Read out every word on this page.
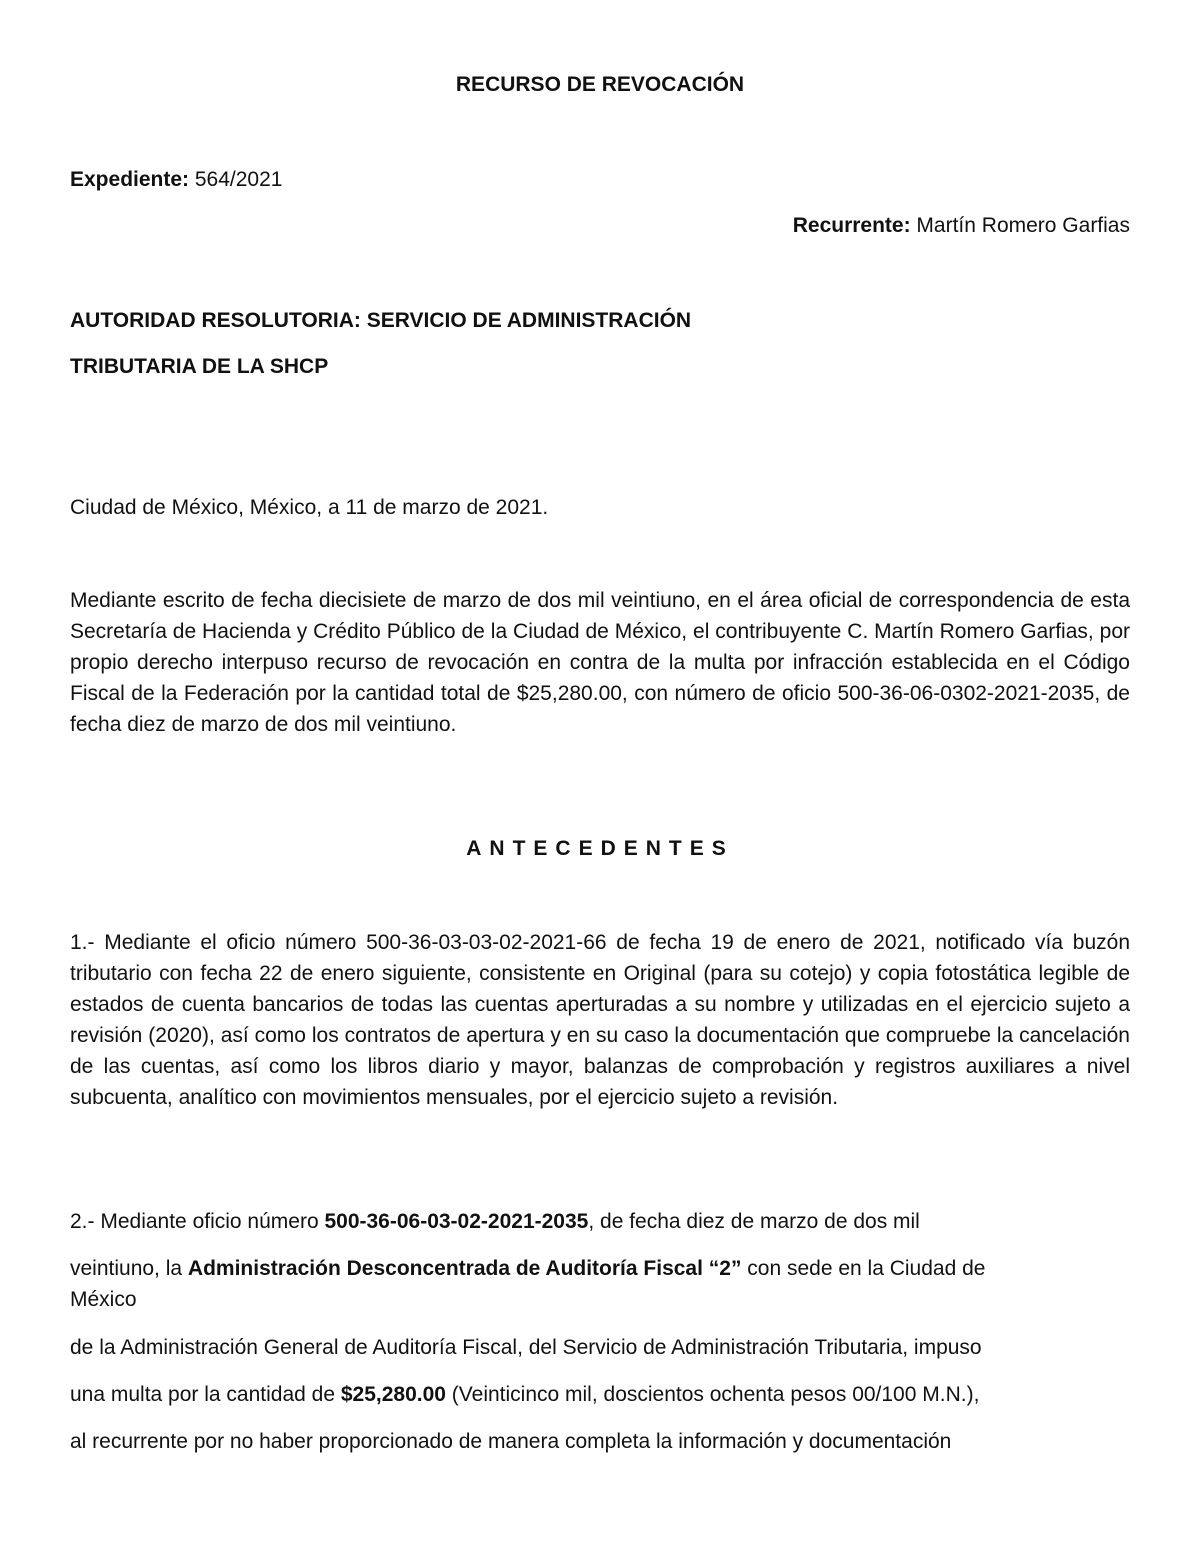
RECURSO DE REVOCACIÓN
Expediente: 564/2021
Recurrente: Martín Romero Garfias
AUTORIDAD RESOLUTORIA: SERVICIO DE ADMINISTRACIÓN
TRIBUTARIA DE LA SHCP
Ciudad de México, México, a 11 de marzo de 2021.
Mediante escrito de fecha diecisiete de marzo de dos mil veintiuno, en el área oficial de correspondencia de esta Secretaría de Hacienda y Crédito Público de la Ciudad de México, el contribuyente C. Martín Romero Garfias, por propio derecho interpuso recurso de revocación en contra de la multa por infracción establecida en el Código Fiscal de la Federación por la cantidad total de $25,280.00, con número de oficio 500-36-06-0302-2021-2035, de fecha diez de marzo de dos mil veintiuno.
ANTECEDENTES
1.- Mediante el oficio número 500-36-03-03-02-2021-66 de fecha 19 de enero de 2021, notificado vía buzón tributario con fecha 22 de enero siguiente, consistente en Original (para su cotejo) y copia fotostática legible de estados de cuenta bancarios de todas las cuentas aperturadas a su nombre y utilizadas en el ejercicio sujeto a revisión (2020), así como los contratos de apertura y en su caso la documentación que compruebe la cancelación de las cuentas, así como los libros diario y mayor, balanzas de comprobación y registros auxiliares a nivel subcuenta, analítico con movimientos mensuales, por el ejercicio sujeto a revisión.
2.- Mediante oficio número 500-36-06-03-02-2021-2035, de fecha diez de marzo de dos mil
veintiuno, la Administración Desconcentrada de Auditoría Fiscal “2” con sede en la Ciudad de
México
de la Administración General de Auditoría Fiscal, del Servicio de Administración Tributaria, impuso
una multa por la cantidad de $25,280.00 (Veinticinco mil, doscientos ochenta pesos 00/100 M.N.),
al recurrente por no haber proporcionado de manera completa la información y documentación
